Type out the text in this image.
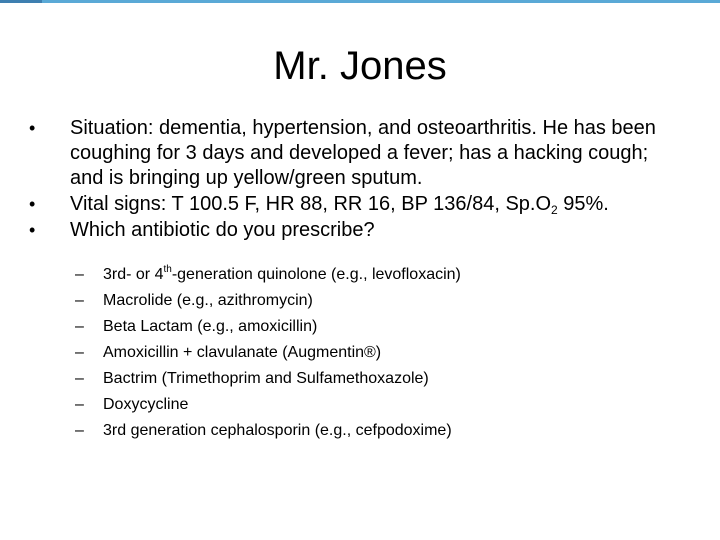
Mr. Jones
• Situation: dementia, hypertension, and osteoarthritis. He has been coughing for 3 days and developed a fever; has a hacking cough; and is bringing up yellow/green sputum.
• Vital signs: T 100.5 F, HR 88, RR 16, BP 136/84, $Sp.O_2$ 95%.
• Which antibiotic do you prescribe?
– 3rd- or 4th-generation quinolone (e.g., levofloxacin)
– Macrolide (e.g., azithromycin)
– Beta Lactam (e.g., amoxicillin)
– Amoxicillin + clavulanate (Augmentin®)
– Bactrim (Trimethoprim and Sulfamethoxazole)
– Doxycycline
– 3rd generation cephalosporin (e.g., cefpodoxime)
